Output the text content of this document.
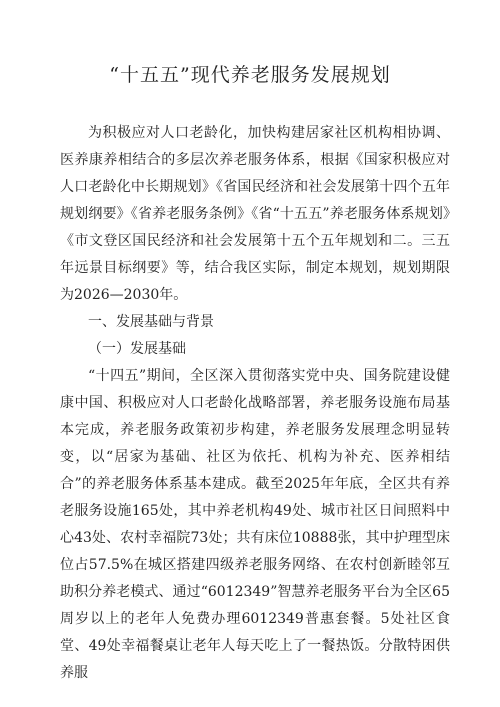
“十五五”现代养老服务发展规划

为积极应对人口老龄化，加快构建居家社区机构相协调、医养康养相结合的多层次养老服务体系，根据《国家积极应对人口老龄化中长期规划》《省国民经济和社会发展第十四个五年规划纲要》《省养老服务条例》《省“十五五”养老服务体系规划》《市文登区国民经济和社会发展第十五个五年规划和二。三五年远景目标纲要》等，结合我区实际，制定本规划，规划期限为2026—2030年。

一、发展基础与背景

（一）发展基础

“十四五”期间，全区深入贯彻落实党中央、国务院建设健康中国、积极应对人口老龄化战略部署，养老服务设施布局基本完成，养老服务政策初步构建，养老服务发展理念明显转变，以“居家为基础、社区为依托、机构为补充、医养相结合”的养老服务体系基本建成。截至2025年年底，全区共有养老服务设施165处，其中养老机构49处、城市社区日间照料中心43处、农村幸福院73处；共有床位10888张，其中护理型床位占57.5%在城区搭建四级养老服务网络、在农村创新睦邻互助积分养老模式、通过“6012349”智慧养老服务平台为全区65周岁以上的老年人免费办理6012349普惠套餐。5处社区食堂、49处幸福餐桌让老年人每天吃上了一餐热饭。分散特困供养服
